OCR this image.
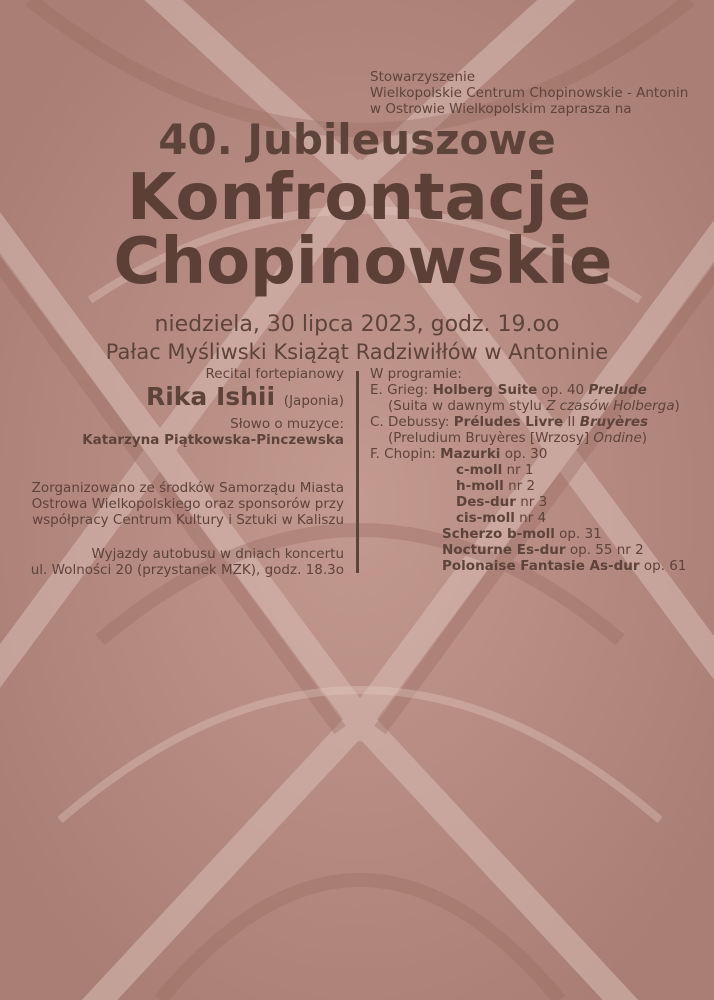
Stowarzyszenie
Wielkopolskie Centrum Chopinowskie - Antonin
w Ostrowie Wielkopolskim zaprasza na
40. Jubileuszowe
Konfrontacje
Chopinowskie
niedziela, 30 lipca 2023, godz. 19.oo
Pałac Myśliwski Książąt Radziwiłłów w Antoninie
Recital fortepianowy
Rika Ishii (Japonia)
Słowo o muzyce:
Katarzyna Piątkowska-Pinczewska
Zorganizowano ze środków Samorządu Miasta
Ostrowa Wielkopolskiego oraz sponsorów przy
współpracy Centrum Kultury i Sztuki w Kaliszu
Wyjazdy autobusu w dniach koncertu
ul. Wolności 20 (przystanek MZK), godz. 18.3o
W programie:
E. Grieg: Holberg Suite op. 40 Prelude
(Suita w dawnym stylu Z czasów Holberga)
C. Debussy: Préludes Livre II Bruyères
(Preludium Bruyères [Wrzosy] Ondine)
F. Chopin: Mazurki op. 30
c-moll nr 1
h-moll nr 2
Des-dur nr 3
cis-moll nr 4
Scherzo b-moll op. 31
Nocturne Es-dur op. 55 nr 2
Polonaise Fantasie As-dur op. 61
